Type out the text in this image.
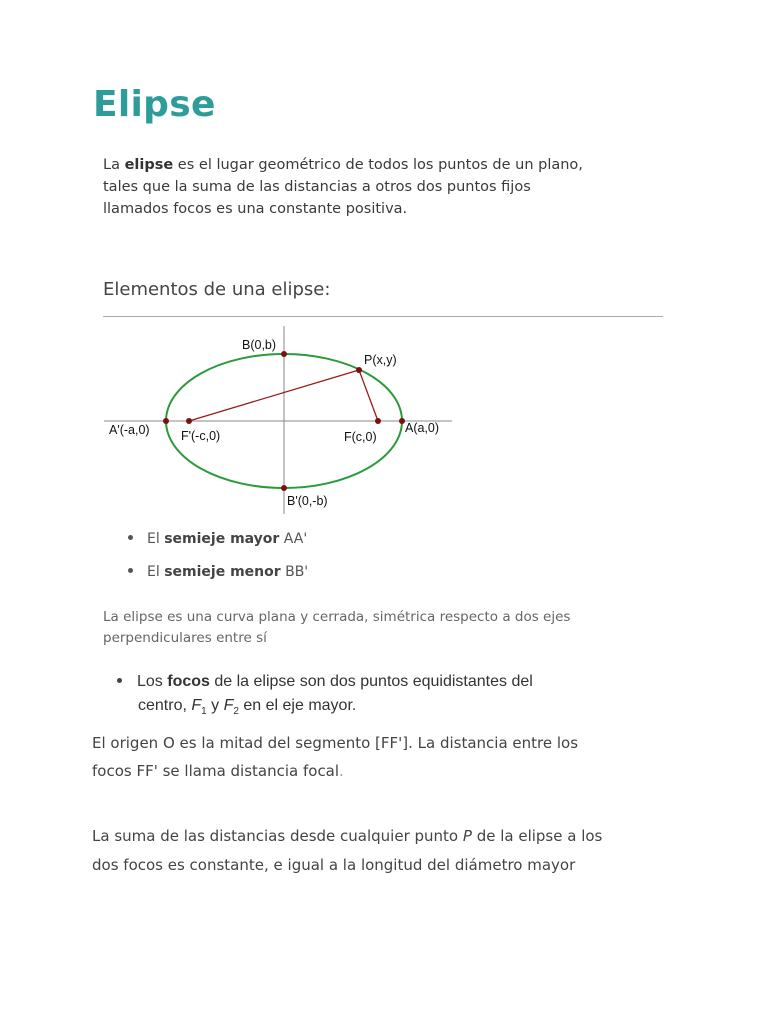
Elipse
La elipse es el lugar geométrico de todos los puntos de un plano,
tales que la suma de las distancias a otros dos puntos fijos
llamados focos es una constante positiva.
Elementos de una elipse:
B(0,b)
P(x,y)
A'(-a,0)	F'(-c,0)	F(c,0)
A(a,0)
B'(0,-b)
El semieje mayor AA'
El semieje menor BB'
La elipse es una curva plana y cerrada, simétrica respecto a dos ejes
perpendiculares entre sí
Los focos de la elipse son dos puntos equidistantes del
centro, $F_1$ y $F_2$ en el eje mayor.
El origen O es la mitad del segmento [FF']. La distancia entre los
focos FF' se llama distancia focal.
La suma de las distancias desde cualquier punto P de la elipse a los
dos focos es constante, e igual a la longitud del diámetro mayor
